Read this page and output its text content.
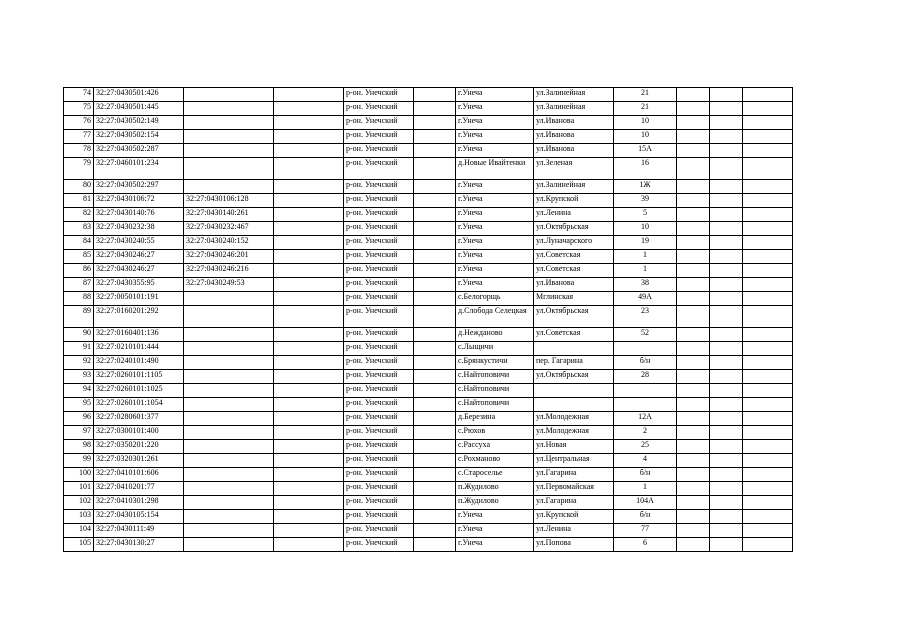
74	32:27:0430501:426			р-он. Унечский		г.Унеча	ул.Залинейная	21			
75	32:27:0430501:445			р-он. Унечский		г.Унеча	ул.Залинейная	21			
76	32:27:0430502:149			р-он. Унечский		г.Унеча	ул.Иванова	10			
77	32:27:0430502:154			р-он. Унечский		г.Унеча	ул.Иванова	10			
78	32:27:0430502:287			р-он. Унечский		г.Унеча	ул.Иванова	15А			
79	32:27:0460101:234			р-он. Унечский		д.Новые Ивайтенки	ул.Зеленая	16			
80	32:27:0430502:297			р-он. Унечский		г.Унеча	ул.Залинейная	1Ж			
81	32:27:0430106:72	32:27:0430106:128		р-он. Унечский		г.Унеча	ул.Крупской	39			
82	32:27:0430140:76	32:27:0430140:261		р-он. Унечский		г.Унеча	ул.Ленина	5			
83	32:27:0430232:38	32:27:0430232:467		р-он. Унечский		г.Унеча	ул.Октябрьская	10			
84	32:27:0430240:55	32:27:0430240:152		р-он. Унечский		г.Унеча	ул.Луначарского	19			
85	32:27:0430246:27	32:27:0430246:201		р-он. Унечский		г.Унеча	ул.Советская	1			
86	32:27:0430246:27	32:27:0430246:216		р-он. Унечский		г.Унеча	ул.Советская	1			
87	32:27:0430355:95	32:27:0430249:53		р-он. Унечский		г.Унеча	ул.Иванова	38			
88	32:27:0050101:191			р-он. Унечский		с.Белогорщь	Мглинская	49А			
89	32:27:0160201:292			р-он. Унечский		д.Слобода Селецкая	ул.Октябрьская	23			
90	32:27:0160401:136			р-он. Унечский		д.Нежданово	ул.Советская	52			
91	32:27:0210101:444			р-он. Унечский		с.Лыщичи					
92	32:27:0240101:490			р-он. Унечский		с.Брянкустичи	пер. Гагарина	б/н			
93	32:27:0260101:1105			р-он. Унечский		с.Найтоповичи	ул.Октябрьская	28			
94	32:27:0260101:1025			р-он. Унечский		с.Найтоповичи					
95	32:27:0260101:1054			р-он. Унечский		с.Найтоповичи					
96	32:27:0280601:377			р-он. Унечский		д.Березина	ул.Молодежная	12А			
97	32:27:0300101:400			р-он. Унечский		с.Рюхов	ул.Молодежная	2			
98	32:27:0350201:220			р-он. Унечский		с.Рассуха	ул.Новая	25			
99	32:27:0320301:261			р-он. Унечский		с.Рохманово	ул.Центральная	4			
100	32:27:0410101:606			р-он. Унечский		с.Старосельe	ул.Гагарина	б/н			
101	32:27:0410201:77			р-он. Унечский		п.Жудилово	ул.Первомайская	1			
102	32:27:0410301:298			р-он. Унечский		п.Жудилово	ул.Гагарина	104А			
103	32:27:0430105:154			р-он. Унечский		г.Унеча	ул.Крупской	б/н			
104	32:27:0430111:49			р-он. Унечский		г.Унеча	ул.Ленина	77			
105	32:27:0430130:27			р-он. Унечский		г.Унеча	ул.Попова	6			
